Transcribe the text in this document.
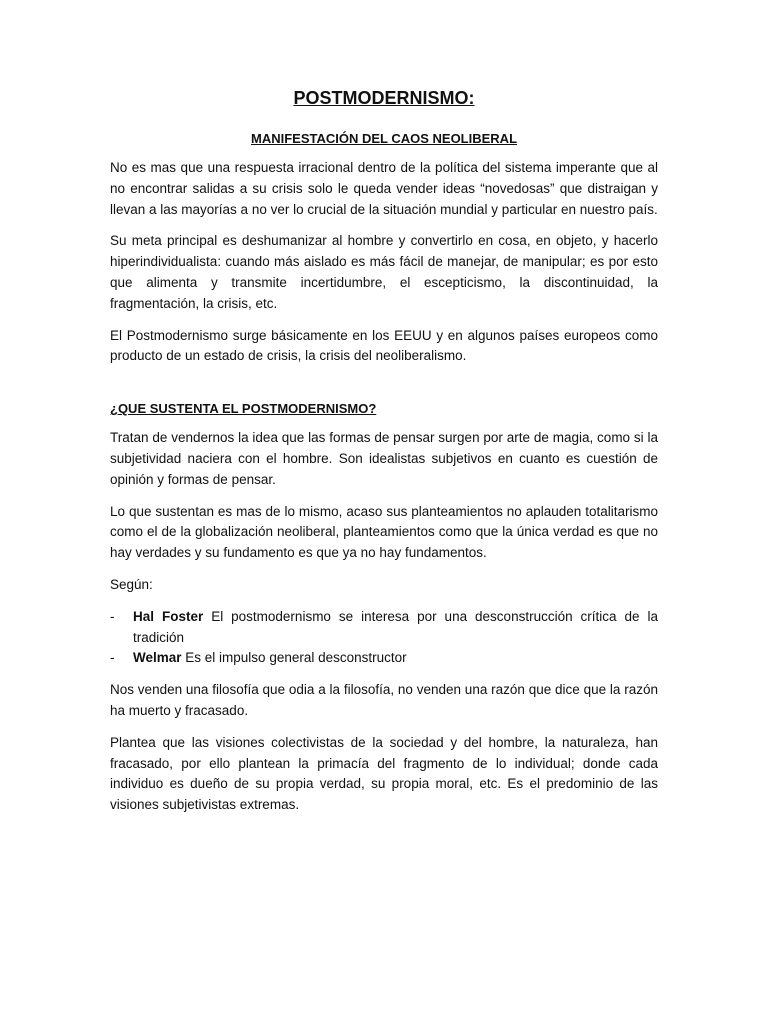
POSTMODERNISMO:
MANIFESTACIÓN DEL CAOS NEOLIBERAL

No es mas que una respuesta irracional dentro de la política del sistema imperante que al no encontrar salidas a su crisis solo le queda vender ideas “novedosas” que distraigan y llevan a las mayorías a no ver lo crucial de la situación mundial y particular en nuestro país.

Su meta principal es deshumanizar al hombre y convertirlo en cosa, en objeto, y hacerlo hiperindividualista: cuando más aislado es más fácil de manejar, de manipular; es por esto que alimenta y transmite incertidumbre, el escepticismo, la discontinuidad, la fragmentación, la crisis, etc.

El Postmodernismo surge básicamente en los EEUU y en algunos países europeos como producto de un estado de crisis, la crisis del neoliberalismo.

¿QUE SUSTENTA EL POSTMODERNISMO?

Tratan de vendernos la idea que las formas de pensar surgen por arte de magia, como si la subjetividad naciera con el hombre. Son idealistas subjetivos en cuanto es cuestión de opinión y formas de pensar.

Lo que sustentan es mas de lo mismo, acaso sus planteamientos no aplauden totalitarismo como el de la globalización neoliberal, planteamientos como que la única verdad es que no hay verdades y su fundamento es que ya no hay fundamentos.

Según:

- Hal Foster El postmodernismo se interesa por una desconstrucción crítica de la tradición
- Welmar Es el impulso general desconstructor

Nos venden una filosofía que odia a la filosofía, no venden una razón que dice que la razón ha muerto y fracasado.

Plantea que las visiones colectivistas de la sociedad y del hombre, la naturaleza, han fracasado, por ello plantean la primacía del fragmento de lo individual; donde cada individuo es dueño de su propia verdad, su propia moral, etc. Es el predominio de las visiones subjetivistas extremas.
